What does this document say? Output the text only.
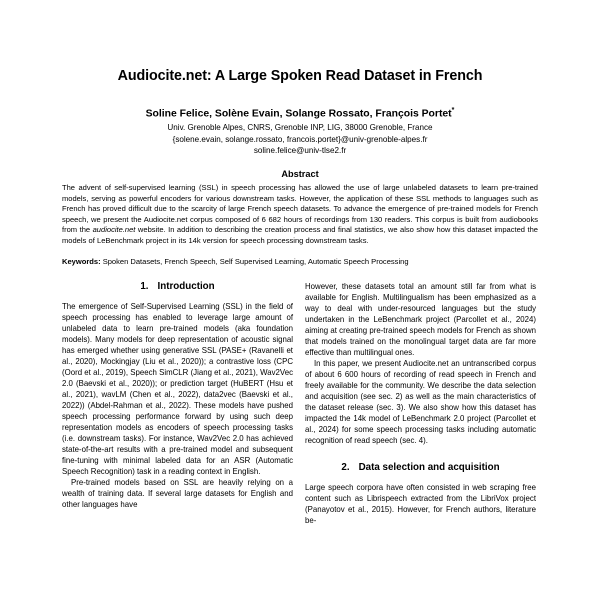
Audiocite.net: A Large Spoken Read Dataset in French

Soline Felice, Solène Evain, Solange Rossato, François Portet*

Univ. Grenoble Alpes, CNRS, Grenoble INP, LIG, 38000 Grenoble, France
{solene.evain, solange.rossato, francois.portet}@univ-grenoble-alpes.fr
soline.felice@univ-tlse2.fr
Abstract

The advent of self-supervised learning (SSL) in speech processing has allowed the use of large unlabeled datasets to learn pre-trained models, serving as powerful encoders for various downstream tasks. However, the application of these SSL methods to languages such as French has proved difficult due to the scarcity of large French speech datasets. To advance the emergence of pre-trained models for French speech, we present the Audiocite.net corpus composed of 6 682 hours of recordings from 130 readers. This corpus is built from audiobooks from the audiocite.net website. In addition to describing the creation process and final statistics, we also show how this dataset impacted the models of LeBenchmark project in its 14k version for speech processing downstream tasks.

Keywords: Spoken Datasets, French Speech, Self Supervised Learning, Automatic Speech Processing

1. Introduction

The emergence of Self-Supervised Learning (SSL) in the field of speech processing has enabled to leverage large amount of unlabeled data to learn pre-trained models (aka foundation models). Many models for deep representation of acoustic signal has emerged whether using generative SSL (PASE+ (Ravanelli et al., 2020), Mockingjay (Liu et al., 2020)); a contrastive loss (CPC (Oord et al., 2019), Speech SimCLR (Jiang et al., 2021), Wav2Vec 2.0 (Baevski et al., 2020)); or prediction target (HuBERT (Hsu et al., 2021), wavLM (Chen et al., 2022), data2vec (Baevski et al., 2022)) (Abdel-Rahman et al., 2022). These models have pushed speech processing performance forward by using such deep representation models as encoders of speech processing tasks (i.e. downstream tasks). For instance, Wav2Vec 2.0 has achieved state-of-the-art results with a pre-trained model and subsequent fine-tuning with minimal labeled data for an ASR (Automatic Speech Recognition) task in a reading context in English.

Pre-trained models based on SSL are heavily relying on a wealth of training data. If several large datasets for English and other languages have

However, these datasets total an amount still far from what is available for English. Multilingualism has been emphasized as a way to deal with under-resourced languages but the study undertaken in the LeBenchmark project (Parcollet et al., 2024) aiming at creating pre-trained speech models for French as shown that models trained on the monolingual target data are far more effective than multilingual ones.

In this paper, we present Audiocite.net an untranscribed corpus of about 6 600 hours of recording of read speech in French and freely available for the community. We describe the data selection and acquisition (see sec. 2) as well as the main characteristics of the dataset release (sec. 3). We also show how this dataset has impacted the 14k model of LeBenchmark 2.0 project (Parcollet et al., 2024) for some speech processing tasks including automatic recognition of read speech (sec. 4).

2. Data selection and acquisition

Large speech corpora have often consisted in web scraping free content such as Librispeech extracted from the LibriVox project (Panayotov et al., 2015). However, for French authors, literature be-
